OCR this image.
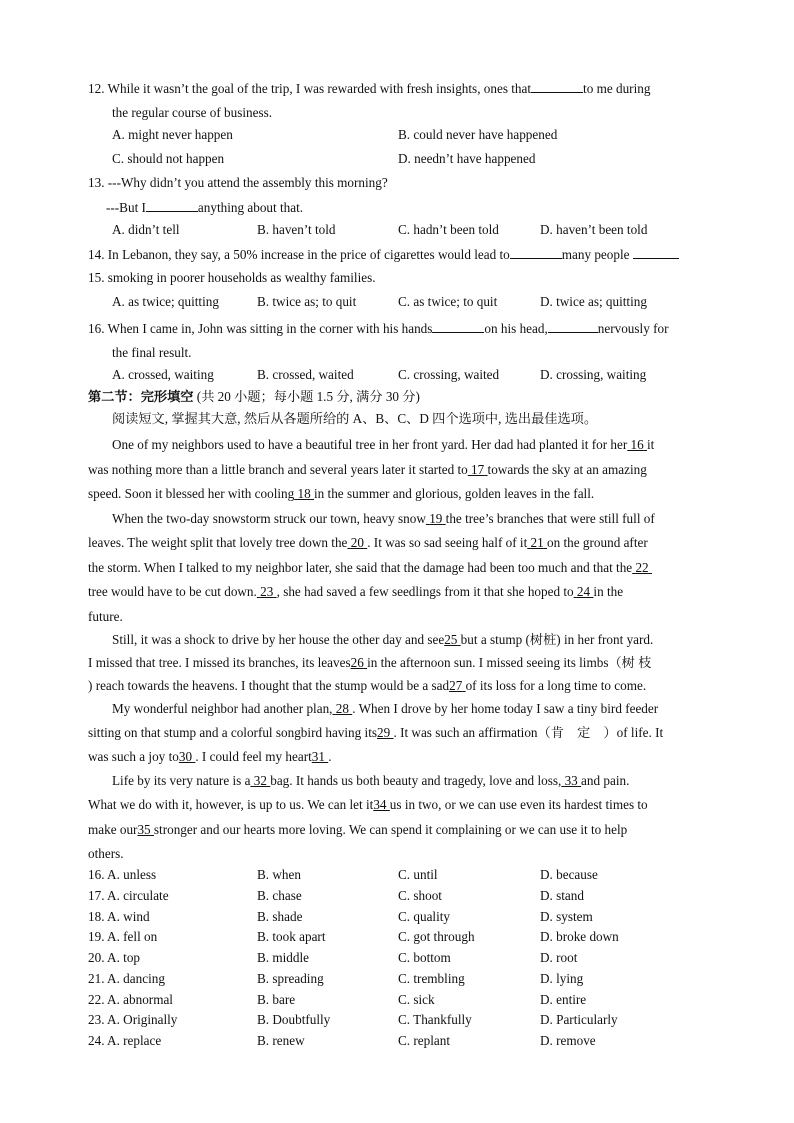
12. While it wasn’t the goal of the trip, I was rewarded with fresh insights, ones that	to me during
the regular course of business.
A. might never happen	B. could never have happened
C. should not happen	D. needn’t have happened
13. ---Why didn’t you attend the assembly this morning?
---But I	anything about that.
A. didn’t tell	B. haven’t told	C. hadn’t been told	D. haven’t been told
14. In Lebanon, they say, a 50% increase in the price of cigarettes would lead to	many people
15. smoking in poorer households as wealthy families.
A. as twice; quitting	B. twice as; to quit	C. as twice; to quit	D. twice as; quitting
16. When I came in, John was sitting in the corner with his hands	on his head,	nervously for
the final result.
A. crossed, waiting	B. crossed, waited	C. crossing, waited	D. crossing, waiting
第二节：完形填空 (共 20 小题；每小题 1.5 分, 满分 30 分)
阅读短文, 掌握其大意, 然后从各题所给的 A、B、C、D 四个选项中, 选出最佳选项。
One of my neighbors used to have a beautiful tree in her front yard. Her dad had planted it for her 16 it
was nothing more than a little branch and several years later it started to 17 towards the sky at an amazing
speed. Soon it blessed her with cooling 18 in the summer and glorious, golden leaves in the fall.
When the two-day snowstorm struck our town, heavy snow 19 the tree’s branches that were still full of
leaves. The weight split that lovely tree down the 20 . It was so sad seeing half of it 21 on the ground after
the storm. When I talked to my neighbor later, she said that the damage had been too much and that the 22
tree would have to be cut down. 23 , she had saved a few seedlings from it that she hoped to 24 in the
future.
Still, it was a shock to drive by her house the other day and see25 but a stump (树桩) in her front yard.
I missed that tree. I missed its branches, its leaves26 in the afternoon sun. I missed seeing its limbs（树 枝
) reach towards the heavens. I thought that the stump would be a sad27 of its loss for a long time to come.
My wonderful neighbor had another plan, 28 . When I drove by her home today I saw a tiny bird feeder
sitting on that stump and a colorful songbird having its29 . It was such an affirmation（肯　定　）of life. It
was such a joy to30 . I could feel my heart31 .
Life by its very nature is a 32 bag. It hands us both beauty and tragedy, love and loss, 33 and pain.
What we do with it, however, is up to us. We can let it34 us in two, or we can use even its hardest times to
make our35 stronger and our hearts more loving. We can spend it complaining or we can use it to help
others.
16. A. unless	B. when	C. until	D. because
17. A. circulate	B. chase	C. shoot	D. stand
18. A. wind	B. shade	C. quality	D. system
19. A. fell on	B. took apart	C. got through	D. broke down
20. A. top	B. middle	C. bottom	D. root
21. A. dancing	B. spreading	C. trembling	D. lying
22. A. abnormal	B. bare	C. sick	D. entire
23. A. Originally	B. Doubtfully	C. Thankfully	D. Particularly
24. A. replace	B. renew	C. replant	D. remove
